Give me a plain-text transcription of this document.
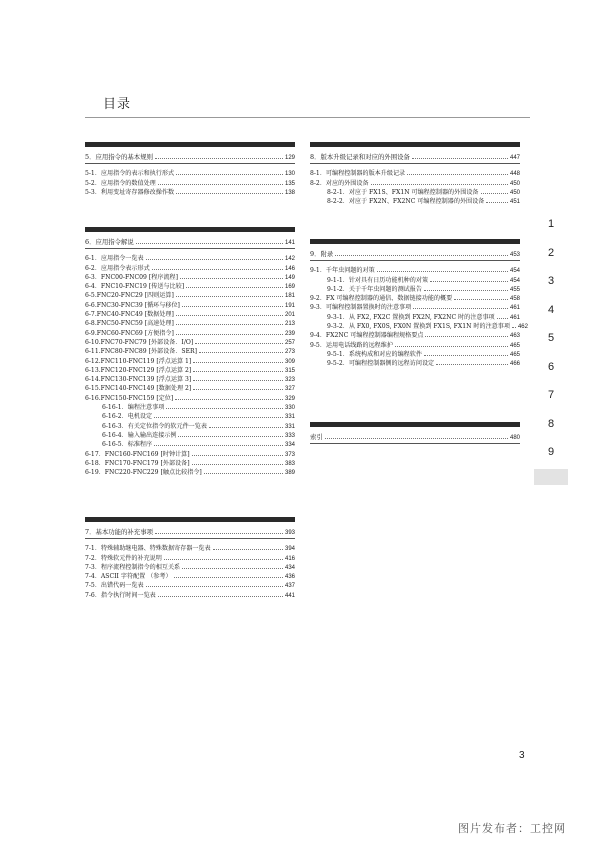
目录
5．应用指令的基本规则	129
5-1．应用指令的表示和执行形式	130
5-2．应用指令的数值处理	135
5-3．利用变址寄存器修改操作数	138
6．应用指令解说	141
6-1．应用指令一览表	142
6-2．应用指令表示形式	146
6-3．FNC00-FNC09 [程序流程]	149
6-4．FNC10-FNC19 [传送与比较]	169
6-5.FNC20-FNC29 [四则运算]	181
6-6.FNC30-FNC39 [循环与移位]	191
6-7.FNC40-FNC49 [数据处理]	201
6-8.FNC50-FNC59 [高速处理]	213
6-9.FNC60-FNC69 [方便指令]	239
6-10.FNC70-FNC79 [外部设备．I/O]	257
6-11.FNC80-FNC89 [外部设备．SER]	273
6-12.FNC110-FNC119 [浮点运算 1]	309
6-13.FNC120-FNC129 [浮点运算 2]	315
6-14.FNC130-FNC139 [浮点运算 3]	323
6-15.FNC140-FNC149 [数据处理 2]	327
6-16.FNC150-FNC159 [定位]	329
6-16-1．编程注意事项	330
6-16-2．电机设定	331
6-16-3．有关定位指令的软元件一览表	331
6-16-4．输入输出连接示例	333
6-16-5．标准程序	334
6-17．FNC160-FNC169 [时钟计算]	373
6-18．FNC170-FNC179 [外部设备]	383
6-19．FNC220-FNC229 [触点比较指令]	389
7．基本功能的补充事项	393
7-1．特殊辅助继电器、特殊数据寄存器一览表	394
7-2．特殊软元件的补充说明	416
7-3．程序流程控制指令的相互关系	434
7-4．ASCII 字符配置 （参考）	436
7-5．出错代码一览表	437
7-6．指令执行时间一览表	441
8．版本升级记录和对应的外围设备	447
8-1．可编程控制器的版本升级记录	448
8-2．对应的外围设备	450
8-2-1．对应于 FX1S、FX1N 可编程控制器的外围设备	450
8-2-2．对应于 FX2N、FX2NC 可编程控制器的外围设备	451
9．附录	453
9-1．千年虫问题的对策	454
9-1-1．针对具有日历功能机种的对策	454
9-1-2．关于千年虫问题的测试报告	455
9-2．FX 可编程控制器的通信、数据链接功能的概要	458
9-3．可编程控制器置换时的注意事项	461
9-3-1．从 FX2, FX2C 置换到 FX2N, FX2NC 时的注意事项	461
9-3-2．从 FX0, FX0S, FX0N 置换到 FX1S, FX1N 时的注意事项 462
9-4．FX2NC 可编程控制器编程规格要点	463
9-5．运用电话线路的远程维护	465
9-5-1．系统构成和对应的编程软件	465
9-5-2．可编程控制器侧的远程访问设定	466
索引	480
1
2
3
4
5
6
7
8
9
3
图片发布者：工控网
